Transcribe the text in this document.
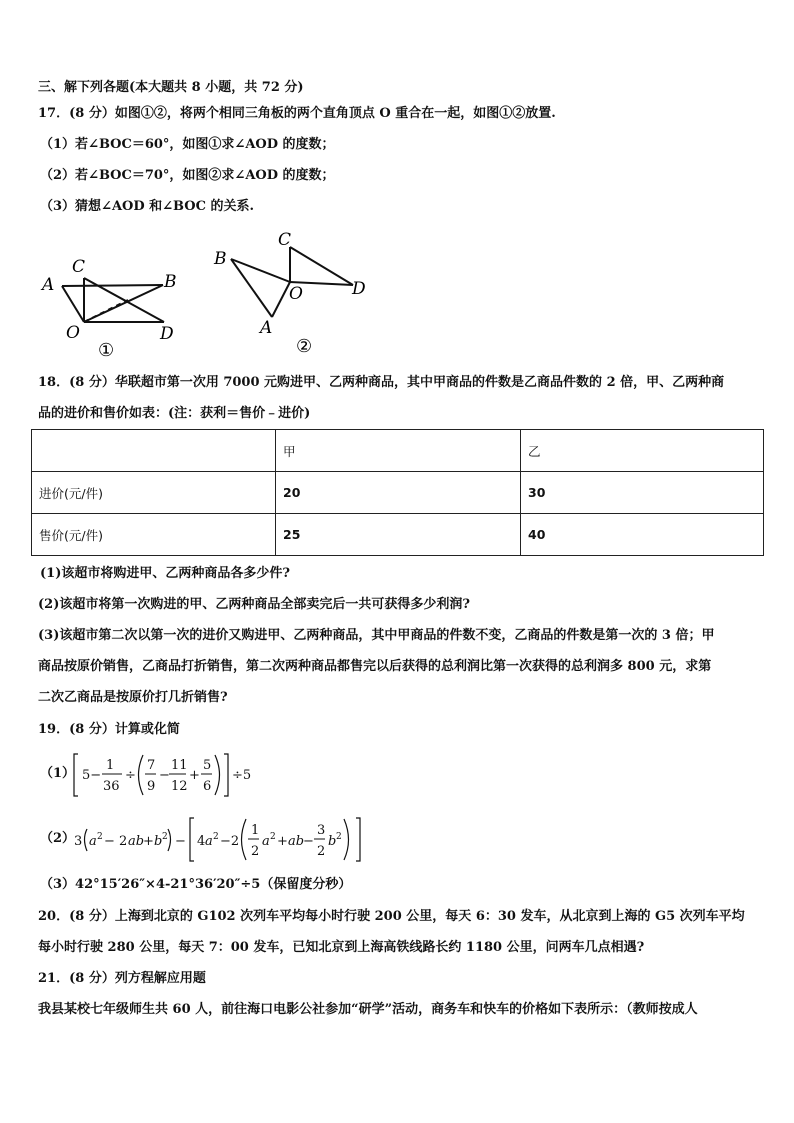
三、解下列各题(本大题共 8 小题，共 72 分)
17．(8 分）如图①②，将两个相同三角板的两个直角顶点 O 重合在一起，如图①②放置.
（1）若∠BOC＝60°，如图①求∠AOD 的度数；
（2）若∠BOC＝70°，如图②求∠AOD 的度数；
（3）猜想∠AOD 和∠BOC 的关系.
A
C
B
O	D
①
C
B
O	D
A
②
18．(8 分）华联超市第一次用 7000 元购进甲、乙两种商品，其中甲商品的件数是乙商品件数的 2 倍，甲、乙两种商
品的进价和售价如表：(注：获利＝售价﹣进价)
	甲	乙
进价(元/件)	20	30
售价(元/件)	25	40
(1)该超市将购进甲、乙两种商品各多少件?
(2)该超市将第一次购进的甲、乙两种商品全部卖完后一共可获得多少利润?
(3)该超市第二次以第一次的进价又购进甲、乙两种商品，其中甲商品的件数不变，乙商品的件数是第一次的 3 倍；甲
商品按原价销售，乙商品打折销售，第二次两种商品都售完以后获得的总利润比第一次获得的总利润多 800 元，求第
二次乙商品是按原价打几折销售?
19．(8 分）计算或化简
（1） 5−
1
36
÷
7
9
−
11
12
+
5
6
÷5
（2）
3 a 2 − 2 ab
+ b 2 − 4 a 2 −2
1
2
a 2 + ab
−
3
2
b 2
（3）42°15′26″×4-21°36′20″÷5（保留度分秒）
20．(8 分）上海到北京的 G102 次列车平均每小时行驶 200 公里，每天 6：30 发车，从北京到上海的 G5 次列车平均
每小时行驶 280 公里，每天 7：00 发车，已知北京到上海高铁线路长约 1180 公里，问两车几点相遇?
21．(8 分）列方程解应用题
我县某校七年级师生共 60 人，前往海口电影公社参加“研学”活动，商务车和快车的价格如下表所示：（教师按成人
